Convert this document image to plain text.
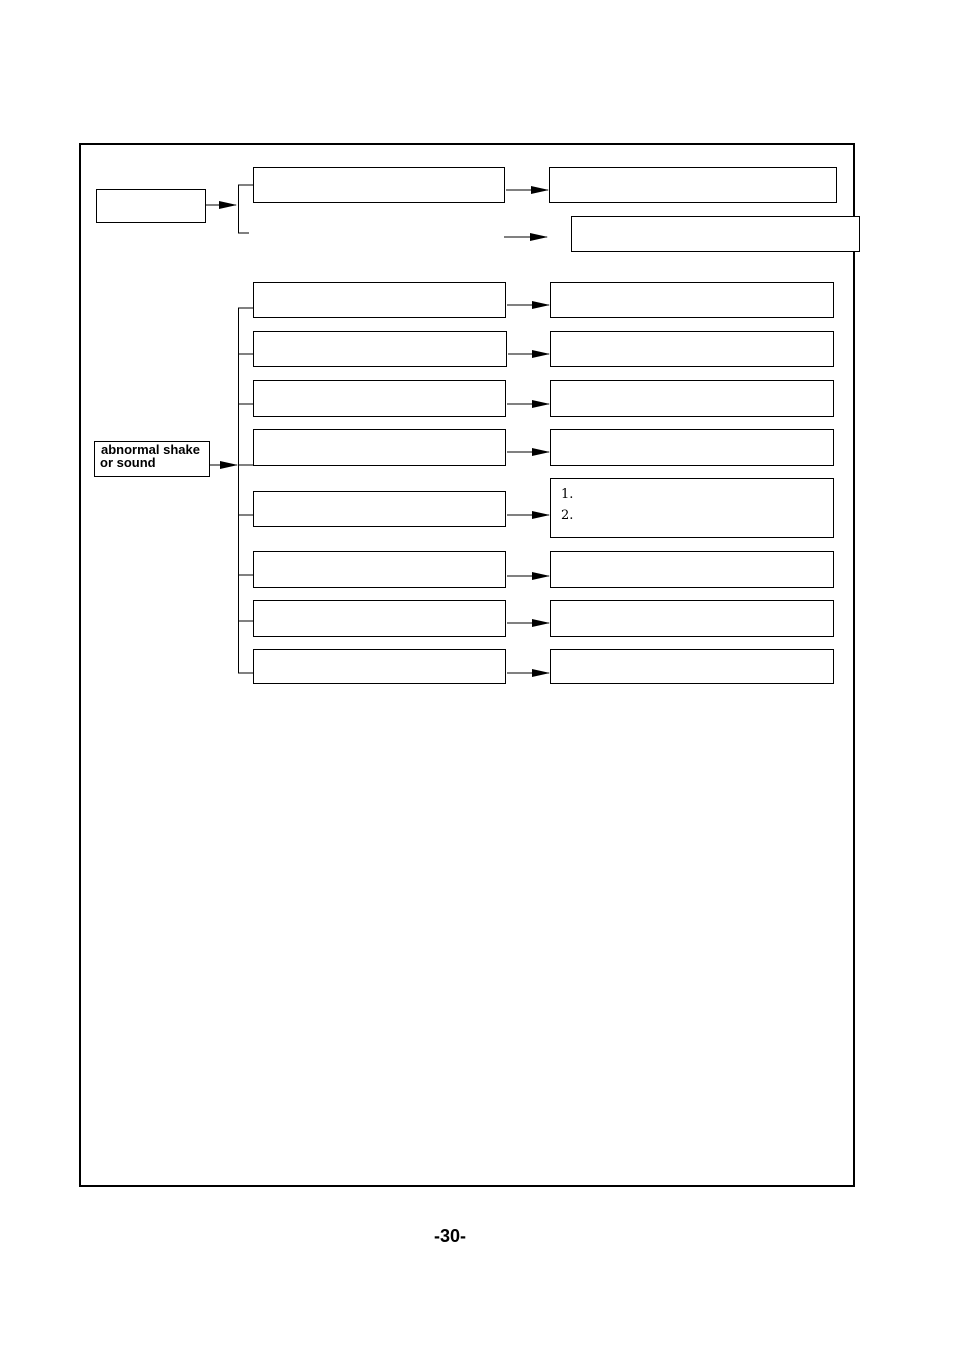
abnormal shake
or sound
1.
2.
-30-
